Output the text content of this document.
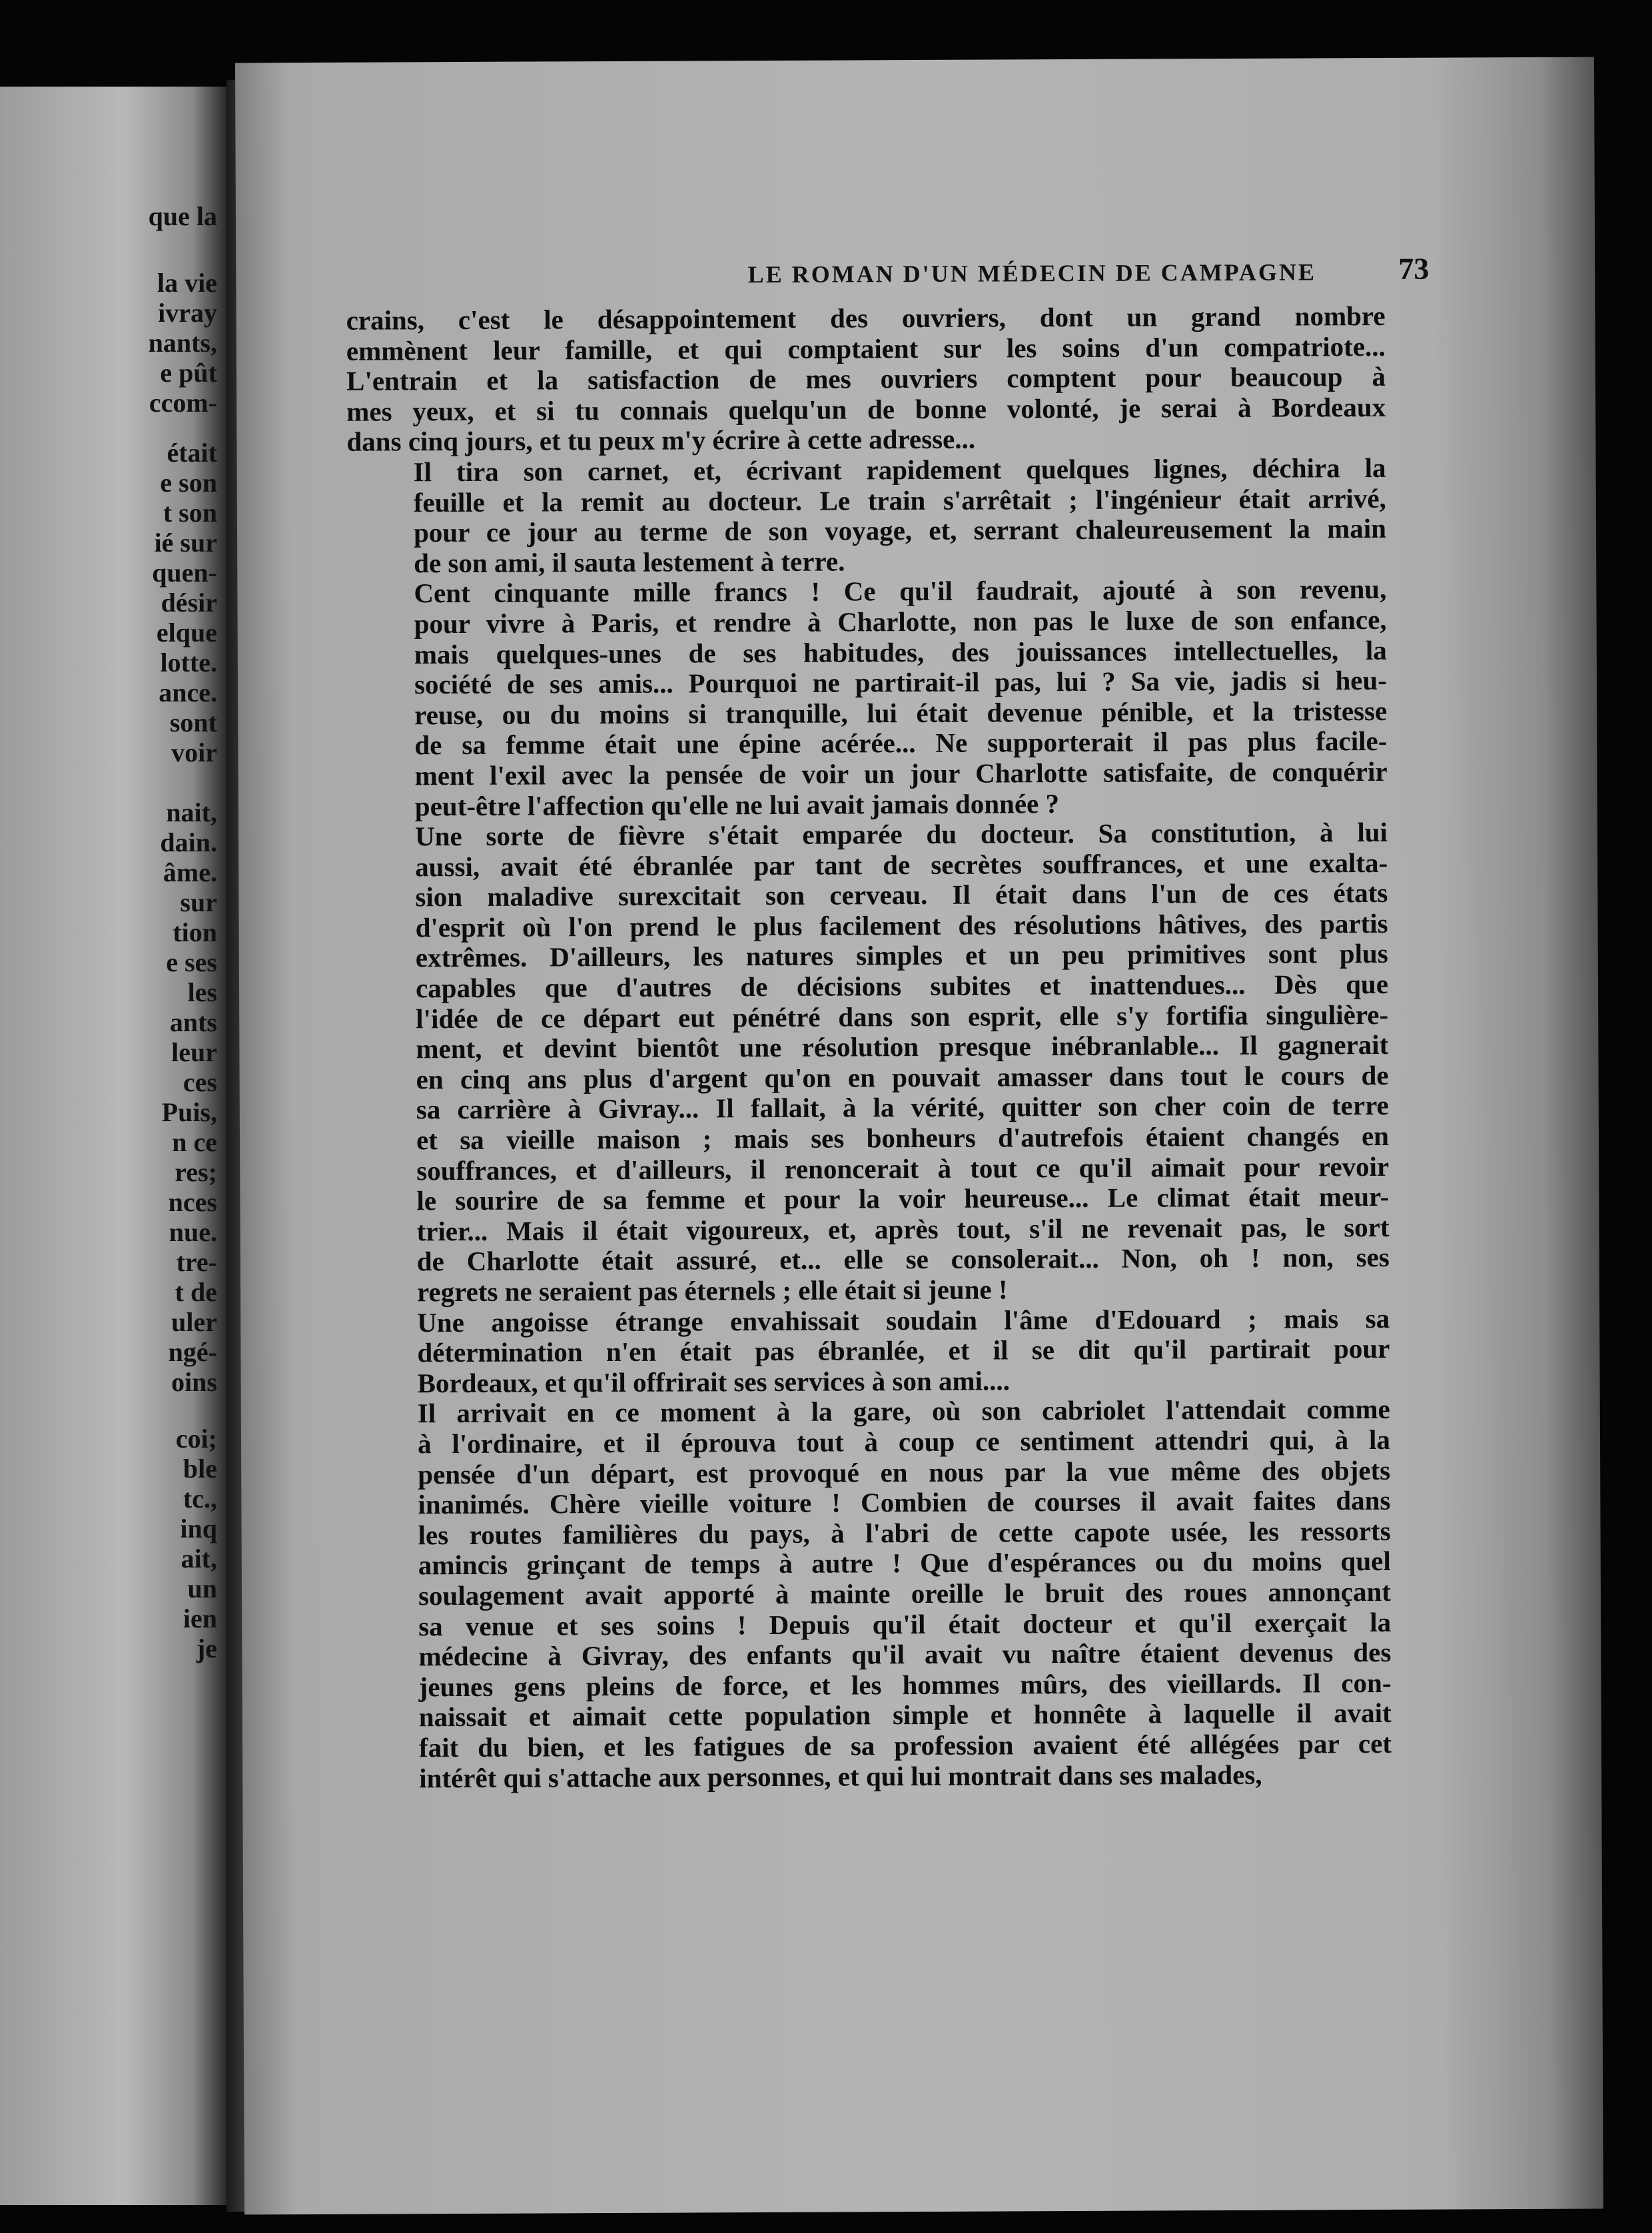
que la

la vie

ivray

nants,

e pût

ccom-

était

e son

t son

ié sur

quen-

désir

elque

lotte.

ance.

sont

voir

nait,

dain.

âme.

sur

tion

e ses

les

ants

leur

ces

Puis,

n ce

res;

nces

nue.

tre-

t de

uler

ngé-

oins

coi;

ble

tc.,

inq

ait,

un

ien

je

LE ROMAN D'UN MÉDECIN DE CAMPAGNE	73

crains, c'est le désappointement des ouvriers, dont un grand nombre
emmènent leur famille, et qui comptaient sur les soins d'un compatriote...
L'entrain et la satisfaction de mes ouvriers comptent pour beaucoup à
mes yeux, et si tu connais quelqu'un de bonne volonté, je serai à Bordeaux
dans cinq jours, et tu peux m'y écrire à cette adresse...

Il tira son carnet, et, écrivant rapidement quelques lignes, déchira la
feuille et la remit au docteur. Le train s'arrêtait ; l'ingénieur était arrivé,
pour ce jour au terme de son voyage, et, serrant chaleureusement la main
de son ami, il sauta lestement à terre.

Cent cinquante mille francs ! Ce qu'il faudrait, ajouté à son revenu,
pour vivre à Paris, et rendre à Charlotte, non pas le luxe de son enfance,
mais quelques-unes de ses habitudes, des jouissances intellectuelles, la
société de ses amis... Pourquoi ne partirait-il pas, lui ? Sa vie, jadis si heu-
reuse, ou du moins si tranquille, lui était devenue pénible, et la tristesse
de sa femme était une épine acérée... Ne supporterait il pas plus facile-
ment l'exil avec la pensée de voir un jour Charlotte satisfaite, de conquérir
peut-être l'affection qu'elle ne lui avait jamais donnée ?

Une sorte de fièvre s'était emparée du docteur. Sa constitution, à lui
aussi, avait été ébranlée par tant de secrètes souffrances, et une exalta-
sion maladive surexcitait son cerveau. Il était dans l'un de ces états
d'esprit où l'on prend le plus facilement des résolutions hâtives, des partis
extrêmes. D'ailleurs, les natures simples et un peu primitives sont plus
capables que d'autres de décisions subites et inattendues... Dès que
l'idée de ce départ eut pénétré dans son esprit, elle s'y fortifia singulière-
ment, et devint bientôt une résolution presque inébranlable... Il gagnerait
en cinq ans plus d'argent qu'on en pouvait amasser dans tout le cours de
sa carrière à Givray... Il fallait, à la vérité, quitter son cher coin de terre
et sa vieille maison ; mais ses bonheurs d'autrefois étaient changés en
souffrances, et d'ailleurs, il renoncerait à tout ce qu'il aimait pour revoir
le sourire de sa femme et pour la voir heureuse... Le climat était meur-
trier... Mais il était vigoureux, et, après tout, s'il ne revenait pas, le sort
de Charlotte était assuré, et... elle se consolerait... Non, oh ! non, ses
regrets ne seraient pas éternels ; elle était si jeune !

Une angoisse étrange envahissait soudain l'âme d'Edouard ; mais sa
détermination n'en était pas ébranlée, et il se dit qu'il partirait pour
Bordeaux, et qu'il offrirait ses services à son ami....

Il arrivait en ce moment à la gare, où son cabriolet l'attendait comme
à l'ordinaire, et il éprouva tout à coup ce sentiment attendri qui, à la
pensée d'un départ, est provoqué en nous par la vue même des objets
inanimés. Chère vieille voiture ! Combien de courses il avait faites dans
les routes familières du pays, à l'abri de cette capote usée, les ressorts
amincis grinçant de temps à autre ! Que d'espérances ou du moins quel
soulagement avait apporté à mainte oreille le bruit des roues annonçant
sa venue et ses soins ! Depuis qu'il était docteur et qu'il exerçait la
médecine à Givray, des enfants qu'il avait vu naître étaient devenus des
jeunes gens pleins de force, et les hommes mûrs, des vieillards. Il con-
naissait et aimait cette population simple et honnête à laquelle il avait
fait du bien, et les fatigues de sa profession avaient été allégées par cet
intérêt qui s'attache aux personnes, et qui lui montrait dans ses malades,
